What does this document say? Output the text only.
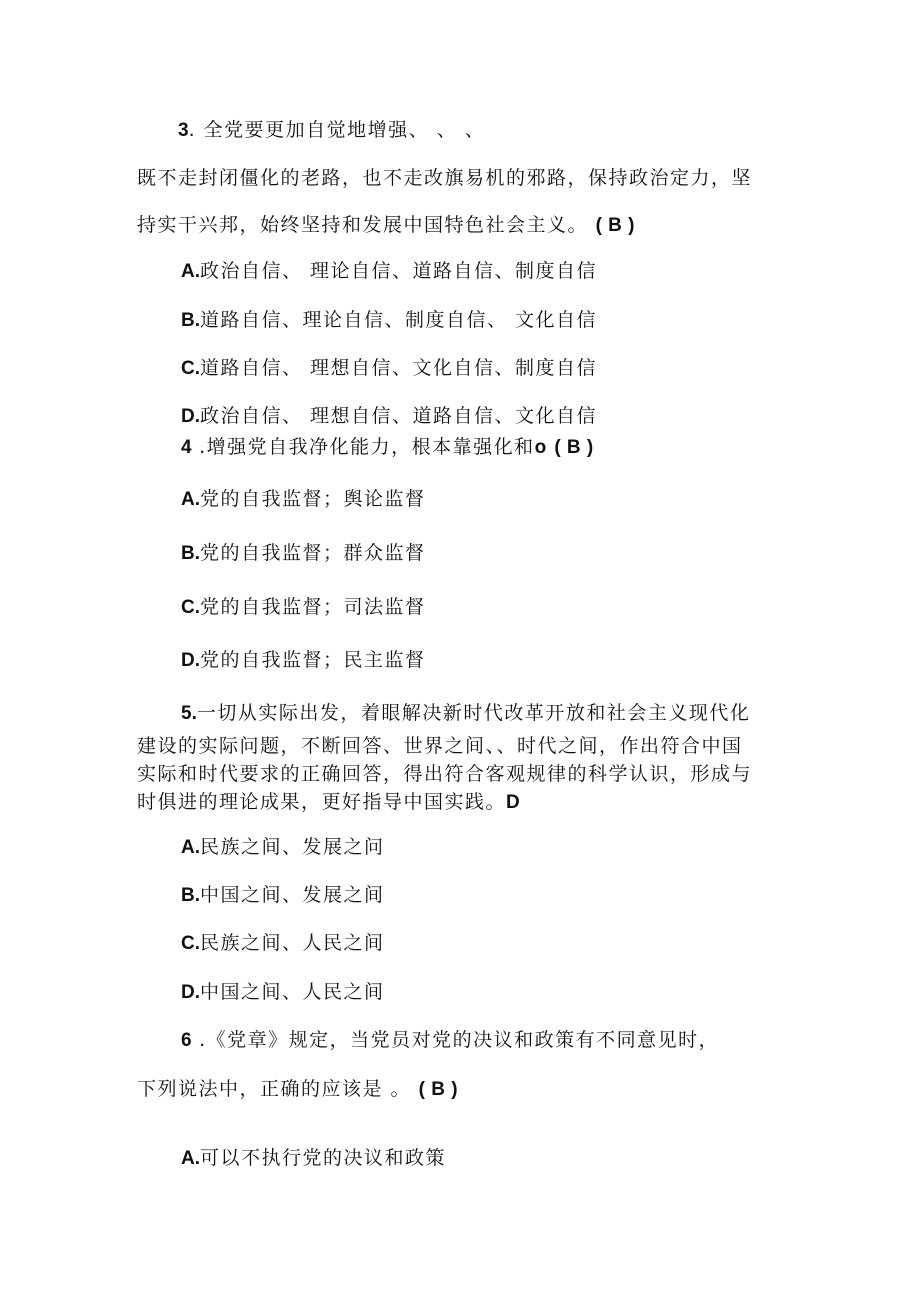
3. 全党要更加自觉地增强、 、 、
既不走封闭僵化的老路，也不走改旗易机的邪路，保持政治定力，坚
持实干兴邦，始终坚持和发展中国特色社会主义。 ( B )
A.政治自信、 理论自信、道路自信、制度自信
B.道路自信、理论自信、制度自信、 文化自信
C.道路自信、 理想自信、文化自信、制度自信
D.政治自信、 理想自信、道路自信、文化自信
4 .增强党自我净化能力，根本靠强化和o ( B )
A.党的自我监督；舆论监督
B.党的自我监督；群众监督
C.党的自我监督；司法监督
D.党的自我监督；民主监督
5.一切从实际出发，着眼解决新时代改革开放和社会主义现代化
建设的实际问题，不断回答、世界之间、、时代之间，作出符合中国
实际和时代要求的正确回答，得出符合客观规律的科学认识，形成与
时俱进的理论成果，更好指导中国实践。D
A.民族之间、发展之问
B.中国之间、发展之间
C.民族之间、人民之间
D.中国之间、人民之间
6 .《党章》规定，当党员对党的决议和政策有不同意见时，
下列说法中，正确的应该是 。 ( B )
A.可以不执行党的决议和政策
